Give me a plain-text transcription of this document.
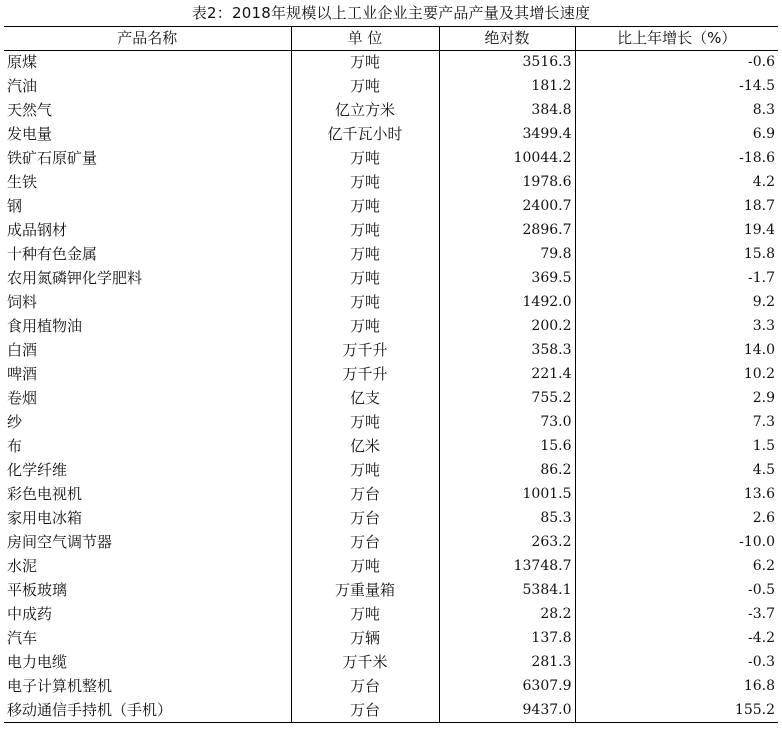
表2：2018年规模以上工业企业主要产品产量及其增长速度
产品名称	单 位	绝对数	比上年增长（%）
原煤	万吨	3516.3	-0.6
汽油	万吨	181.2	-14.5
天然气	亿立方米	384.8	8.3
发电量	亿千瓦小时	3499.4	6.9
铁矿石原矿量	万吨	10044.2	-18.6
生铁	万吨	1978.6	4.2
钢	万吨	2400.7	18.7
成品钢材	万吨	2896.7	19.4
十种有色金属	万吨	79.8	15.8
农用氮磷钾化学肥料	万吨	369.5	-1.7
饲料	万吨	1492.0	9.2
食用植物油	万吨	200.2	3.3
白酒	万千升	358.3	14.0
啤酒	万千升	221.4	10.2
卷烟	亿支	755.2	2.9
纱	万吨	73.0	7.3
布	亿米	15.6	1.5
化学纤维	万吨	86.2	4.5
彩色电视机	万台	1001.5	13.6
家用电冰箱	万台	85.3	2.6
房间空气调节器	万台	263.2	-10.0
水泥	万吨	13748.7	6.2
平板玻璃	万重量箱	5384.1	-0.5
中成药	万吨	28.2	-3.7
汽车	万辆	137.8	-4.2
电力电缆	万千米	281.3	-0.3
电子计算机整机	万台	6307.9	16.8
移动通信手持机（手机）	万台	9437.0	155.2
